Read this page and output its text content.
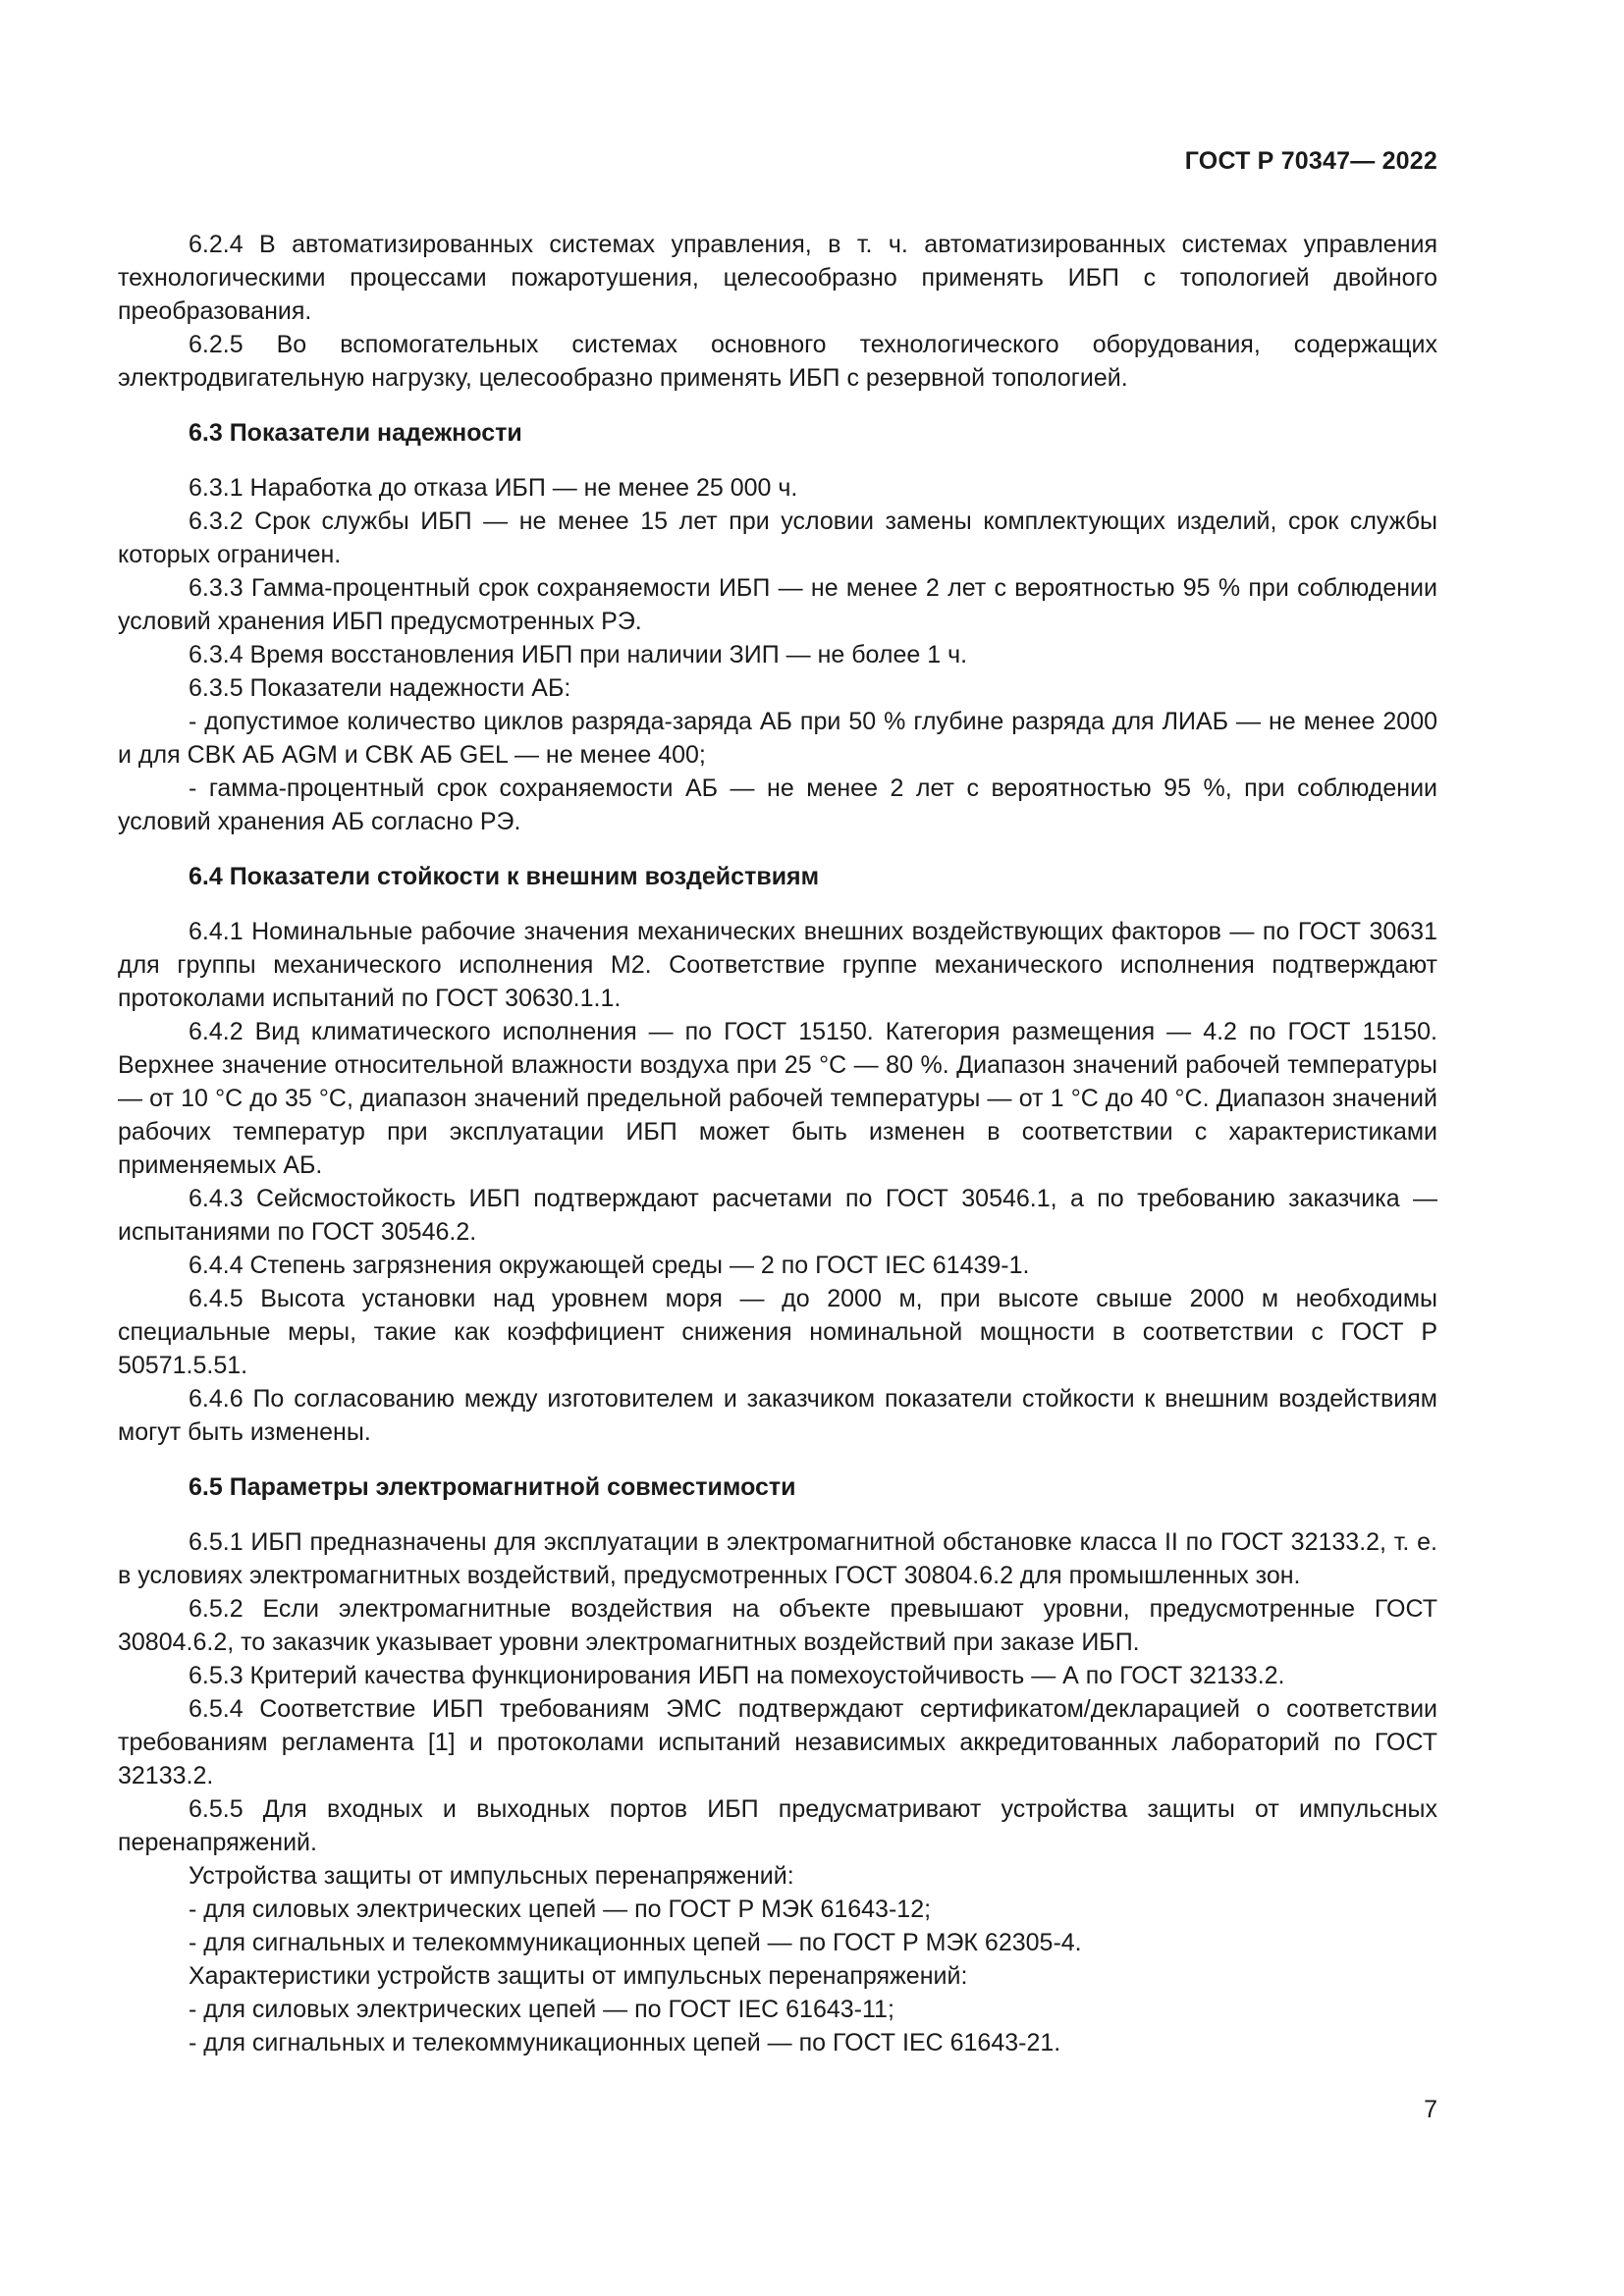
ГОСТ Р 70347— 2022

6.2.4 В автоматизированных системах управления, в т. ч. автоматизированных системах управления технологическими процессами пожаротушения, целесообразно применять ИБП с топологией двойного преобразования.

6.2.5 Во вспомогательных системах основного технологического оборудования, содержащих электродвигательную нагрузку, целесообразно применять ИБП с резервной топологией.

6.3 Показатели надежности

6.3.1 Наработка до отказа ИБП — не менее 25 000 ч.

6.3.2 Срок службы ИБП — не менее 15 лет при условии замены комплектующих изделий, срок службы которых ограничен.

6.3.3 Гамма-процентный срок сохраняемости ИБП — не менее 2 лет с вероятностью 95 % при соблюдении условий хранения ИБП предусмотренных РЭ.

6.3.4 Время восстановления ИБП при наличии ЗИП — не более 1 ч.

6.3.5 Показатели надежности АБ:

- допустимое количество циклов разряда-заряда АБ при 50 % глубине разряда для ЛИАБ — не менее 2000 и для СВК АБ AGM и СВК АБ GEL — не менее 400;

- гамма-процентный срок сохраняемости АБ — не менее 2 лет с вероятностью 95 %, при соблюдении условий хранения АБ согласно РЭ.

6.4 Показатели стойкости к внешним воздействиям

6.4.1 Номинальные рабочие значения механических внешних воздействующих факторов — по ГОСТ 30631 для группы механического исполнения М2. Соответствие группе механического исполнения подтверждают протоколами испытаний по ГОСТ 30630.1.1.

6.4.2 Вид климатического исполнения — по ГОСТ 15150. Категория размещения — 4.2 по ГОСТ 15150. Верхнее значение относительной влажности воздуха при 25 °С — 80 %. Диапазон значений рабочей температуры — от 10 °С до 35 °С, диапазон значений предельной рабочей температуры — от 1 °С до 40 °С. Диапазон значений рабочих температур при эксплуатации ИБП может быть изменен в соответствии с характеристиками применяемых АБ.

6.4.3 Сейсмостойкость ИБП подтверждают расчетами по ГОСТ 30546.1, а по требованию заказчика — испытаниями по ГОСТ 30546.2.

6.4.4 Степень загрязнения окружающей среды — 2 по ГОСТ IEC 61439-1.

6.4.5 Высота установки над уровнем моря — до 2000 м, при высоте свыше 2000 м необходимы специальные меры, такие как коэффициент снижения номинальной мощности в соответствии с ГОСТ Р 50571.5.51.

6.4.6 По согласованию между изготовителем и заказчиком показатели стойкости к внешним воздействиям могут быть изменены.

6.5 Параметры электромагнитной совместимости

6.5.1 ИБП предназначены для эксплуатации в электромагнитной обстановке класса II по ГОСТ 32133.2, т. е. в условиях электромагнитных воздействий, предусмотренных ГОСТ 30804.6.2 для промышленных зон.

6.5.2 Если электромагнитные воздействия на объекте превышают уровни, предусмотренные ГОСТ 30804.6.2, то заказчик указывает уровни электромагнитных воздействий при заказе ИБП.

6.5.3 Критерий качества функционирования ИБП на помехоустойчивость — А по ГОСТ 32133.2.

6.5.4 Соответствие ИБП требованиям ЭМС подтверждают сертификатом/декларацией о соответствии требованиям регламента [1] и протоколами испытаний независимых аккредитованных лабораторий по ГОСТ 32133.2.

6.5.5 Для входных и выходных портов ИБП предусматривают устройства защиты от импульсных перенапряжений.

Устройства защиты от импульсных перенапряжений:

- для силовых электрических цепей — по ГОСТ Р МЭК 61643-12;

- для сигнальных и телекоммуникационных цепей — по ГОСТ Р МЭК 62305-4.

Характеристики устройств защиты от импульсных перенапряжений:

- для силовых электрических цепей — по ГОСТ IEC 61643-11;

- для сигнальных и телекоммуникационных цепей — по ГОСТ IEC 61643-21.

7
